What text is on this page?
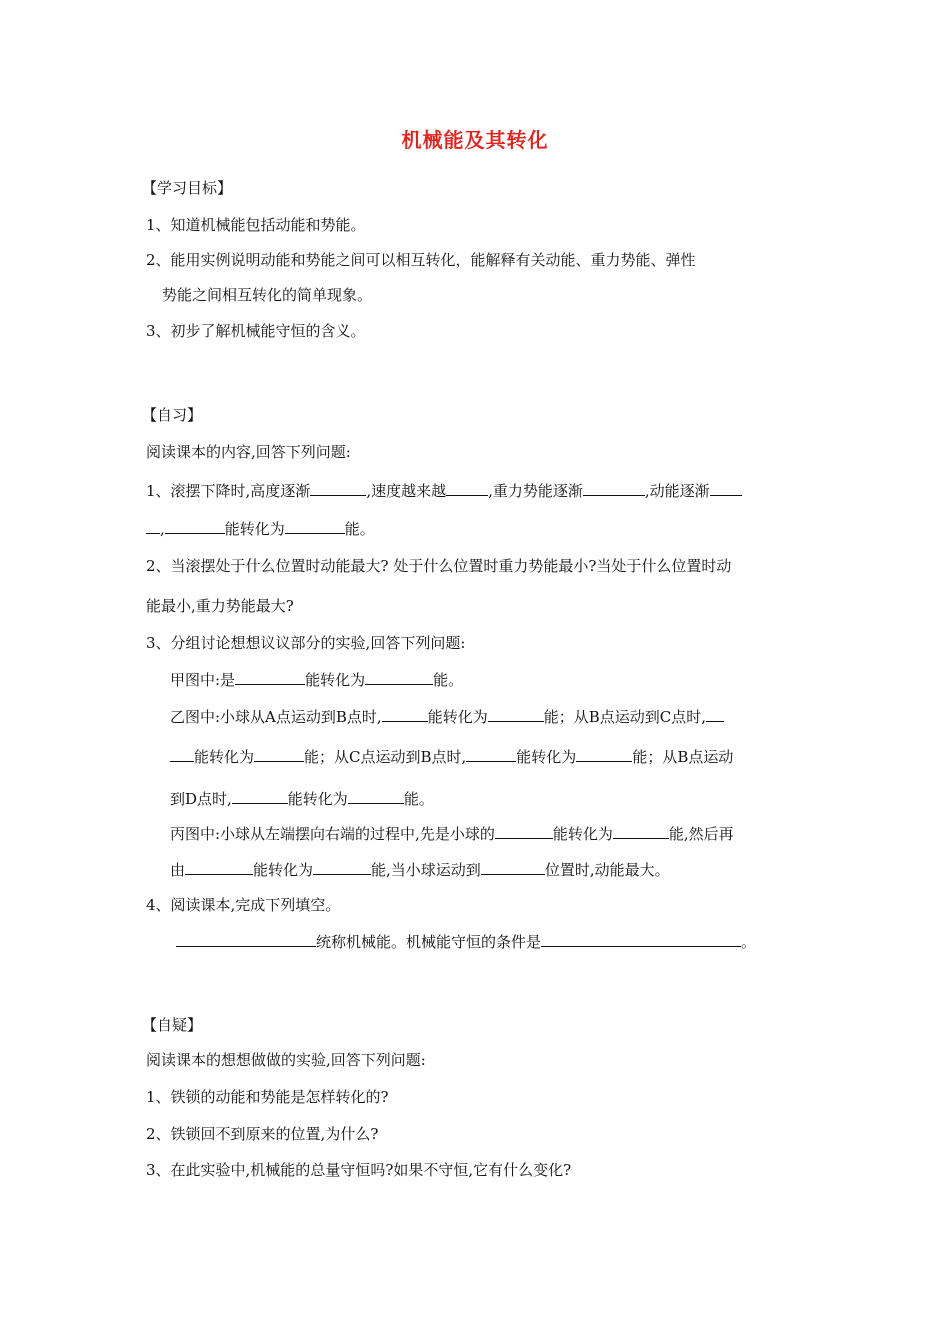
机械能及其转化
【学习目标】
1、知道机械能包括动能和势能。
2、能用实例说明动能和势能之间可以相互转化，能解释有关动能、重力势能、弹性
势能之间相互转化的简单现象。
3、初步了解机械能守恒的含义。
【自习】
阅读课本的内容,回答下列问题:
1、滚摆下降时,高度逐渐	,速度越来越	,重力势能逐渐	,动能逐渐
,	能转化为	能。
2、当滚摆处于什么位置时动能最大? 处于什么位置时重力势能最小?当处于什么位置时动
能最小,重力势能最大?
3、分组讨论想想议议部分的实验,回答下列问题:
甲图中:是	能转化为	能。
乙图中:小球从A点运动到B点时,	能转化为	能；从B点运动到C点时,
能转化为	能；从C点运动到B点时,	能转化为	能；从B点运动
到D点时,	能转化为	能。
丙图中:小球从左端摆向右端的过程中,先是小球的	能转化为	能,然后再
由	能转化为	能,当小球运动到	位置时,动能最大。
4、阅读课本,完成下列填空。
统称机械能。机械能守恒的条件是	。
【自疑】
阅读课本的想想做做的实验,回答下列问题:
1、铁锁的动能和势能是怎样转化的?
2、铁锁回不到原来的位置,为什么?
3、在此实验中,机械能的总量守恒吗?如果不守恒,它有什么变化?
